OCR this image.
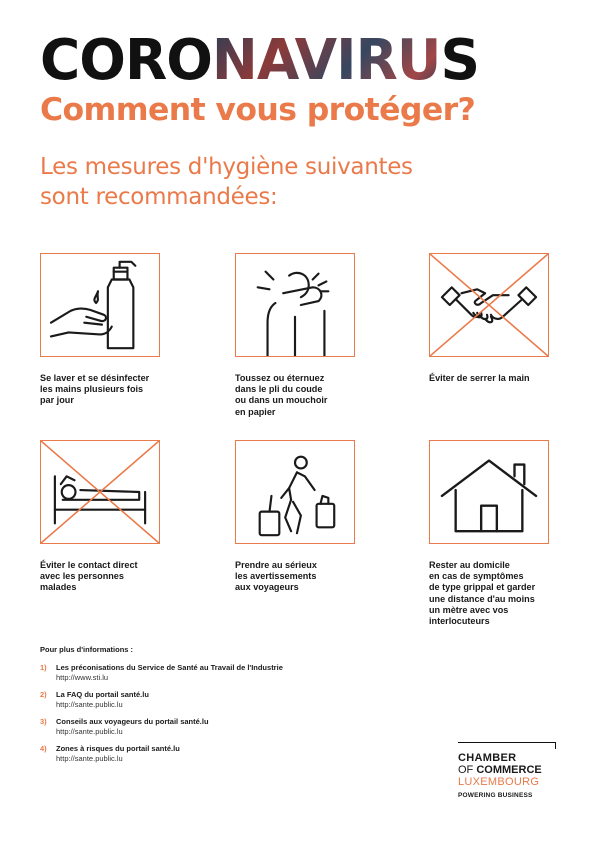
CORONAVIRUS
Comment vous protéger?
Les mesures d'hygiène suivantes
sont recommandées:
Se laver et se désinfecter
les mains plusieurs fois
par jour
Toussez ou éternuez
dans le pli du coude
ou dans un mouchoir
en papier
Éviter de serrer la main
Éviter le contact direct
avec les personnes
malades
Prendre au sérieux
les avertissements
aux voyageurs
Rester au domicile
en cas de symptômes
de type grippal et garder
une distance d'au moins
un mètre avec vos
interlocuteurs
Pour plus d'informations :
1) Les préconisations du Service de Santé au Travail de l'Industrie
http://www.sti.lu
2) La FAQ du portail santé.lu
http://sante.public.lu
3) Conseils aux voyageurs du portail santé.lu
http://sante.public.lu
4) Zones à risques du portail santé.lu
http://sante.public.lu	CHAMBER
OF COMMERCE
LUXEMBOURG
POWERING BUSINESS
